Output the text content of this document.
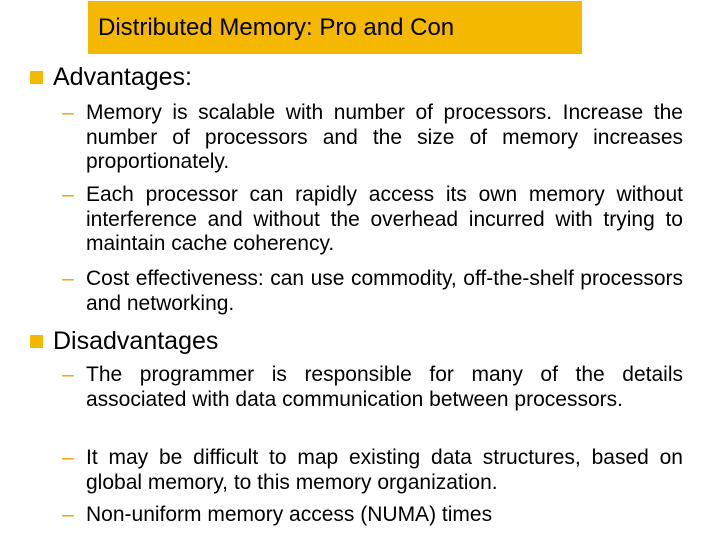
Distributed Memory: Pro and Con
Advantages:
– Memory is scalable with number of processors. Increase the number of processors and the size of memory increases proportionately.
– Each processor can rapidly access its own memory without interference and without the overhead incurred with trying to maintain cache coherency.
– Cost effectiveness: can use commodity, off-the-shelf processors and networking.
Disadvantages
– The programmer is responsible for many of the details associated with data communication between processors.
– It may be difficult to map existing data structures, based on global memory, to this memory organization.
– Non-uniform memory access (NUMA) times
